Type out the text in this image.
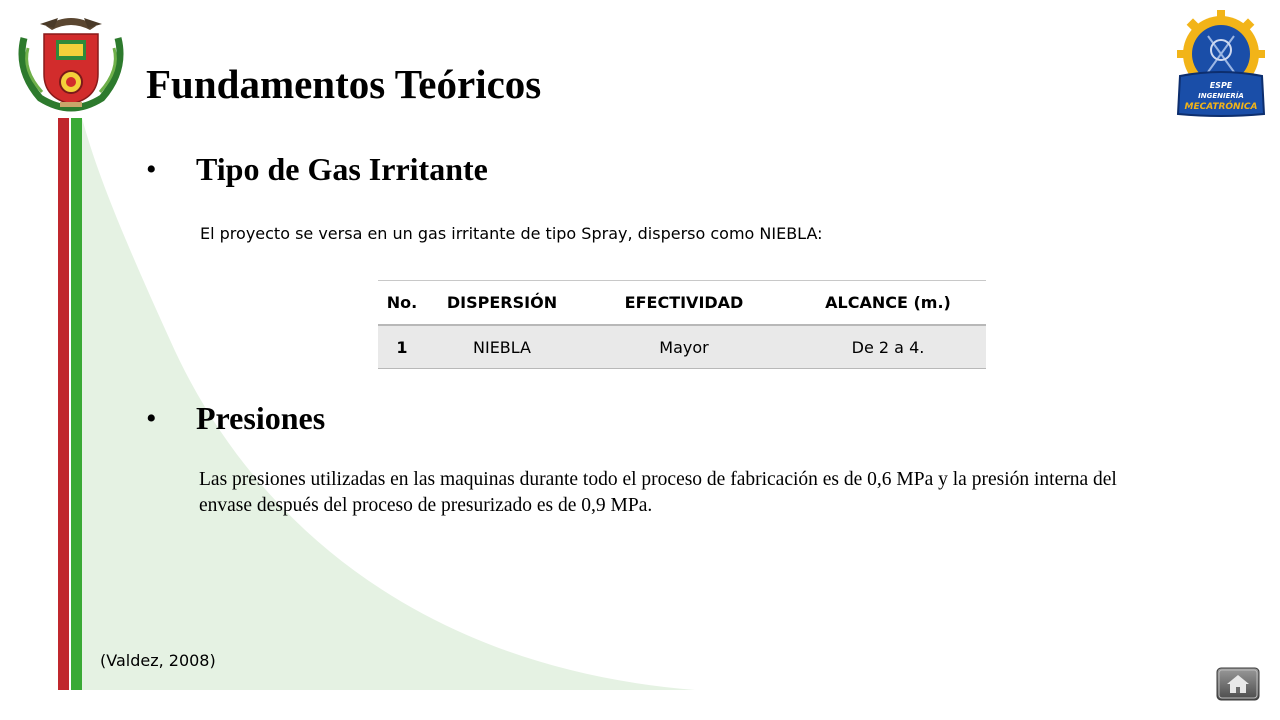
ESPE
INGENIERÍA
MECATRÓNICA
Fundamentos Teóricos
•	Tipo de Gas Irritante
El proyecto se versa en un gas irritante de tipo Spray, disperso como NIEBLA:
No.	DISPERSIÓN	EFECTIVIDAD	ALCANCE (m.)
1	NIEBLA	Mayor	De 2 a 4.
•	Presiones
Las presiones utilizadas en las maquinas durante todo el proceso de fabricación es de 0,6 MPa y la presión interna del envase después del proceso de presurizado es de 0,9 MPa.
(Valdez, 2008)
